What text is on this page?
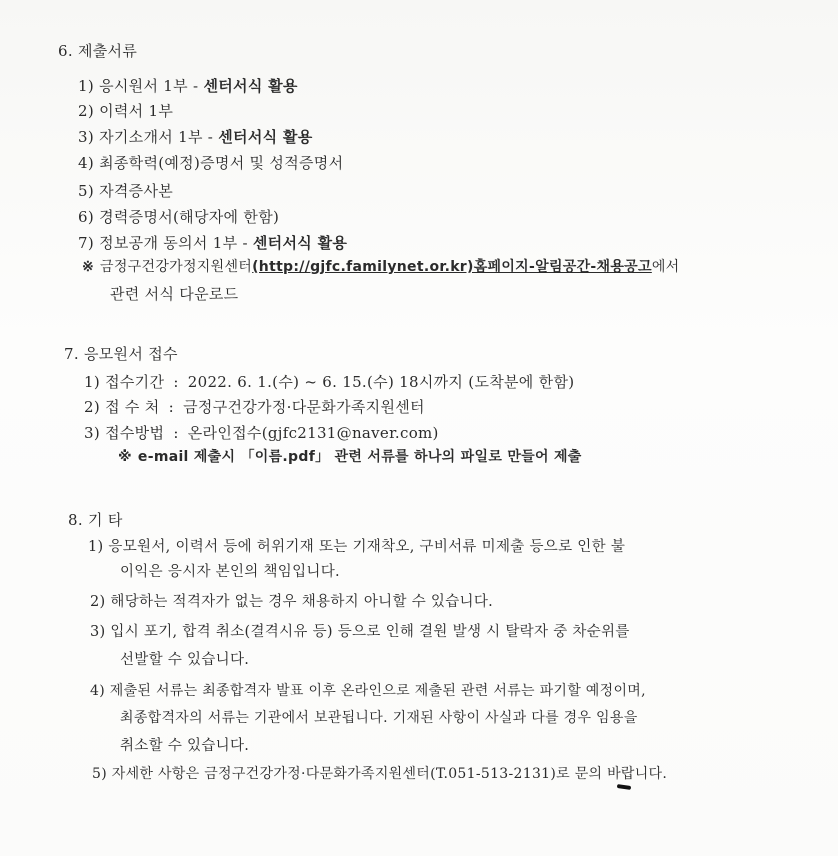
6. 제출서류
1) 응시원서 1부 - 센터서식 활용
2) 이력서 1부
3) 자기소개서 1부 - 센터서식 활용
4) 최종학력(예정)증명서 및 성적증명서
5) 자격증사본
6) 경력증명서(해당자에 한함)
7) 정보공개 동의서 1부 - 센터서식 활용
※ 금정구건강가정지원센터(http://gjfc.familynet.or.kr)홈페이지-알림공간-채용공고에서
관련 서식 다운로드
7. 응모원서 접수
1) 접수기간 : 2022. 6. 1.(수) ~ 6. 15.(수) 18시까지 (도착분에 한함)
2) 접 수 처 : 금정구건강가정·다문화가족지원센터
3) 접수방법 : 온라인접수(gjfc2131@naver.com)
※ e-mail 제출시 「이름.pdf」 관련 서류를 하나의 파일로 만들어 제출
8. 기 타
1) 응모원서, 이력서 등에 허위기재 또는 기재착오, 구비서류 미제출 등으로 인한 불
이익은 응시자 본인의 책임입니다.
2) 해당하는 적격자가 없는 경우 채용하지 아니할 수 있습니다.
3) 입시 포기, 합격 취소(결격시유 등) 등으로 인해 결원 발생 시 탈락자 중 차순위를
선발할 수 있습니다.
4) 제출된 서류는 최종합격자 발표 이후 온라인으로 제출된 관련 서류는 파기할 예정이며,
최종합격자의 서류는 기관에서 보관됩니다. 기재된 사항이 사실과 다를 경우 임용을
취소할 수 있습니다.
5) 자세한 사항은 금정구건강가정·다문화가족지원센터(T.051-513-2131)로 문의 바랍니다.
